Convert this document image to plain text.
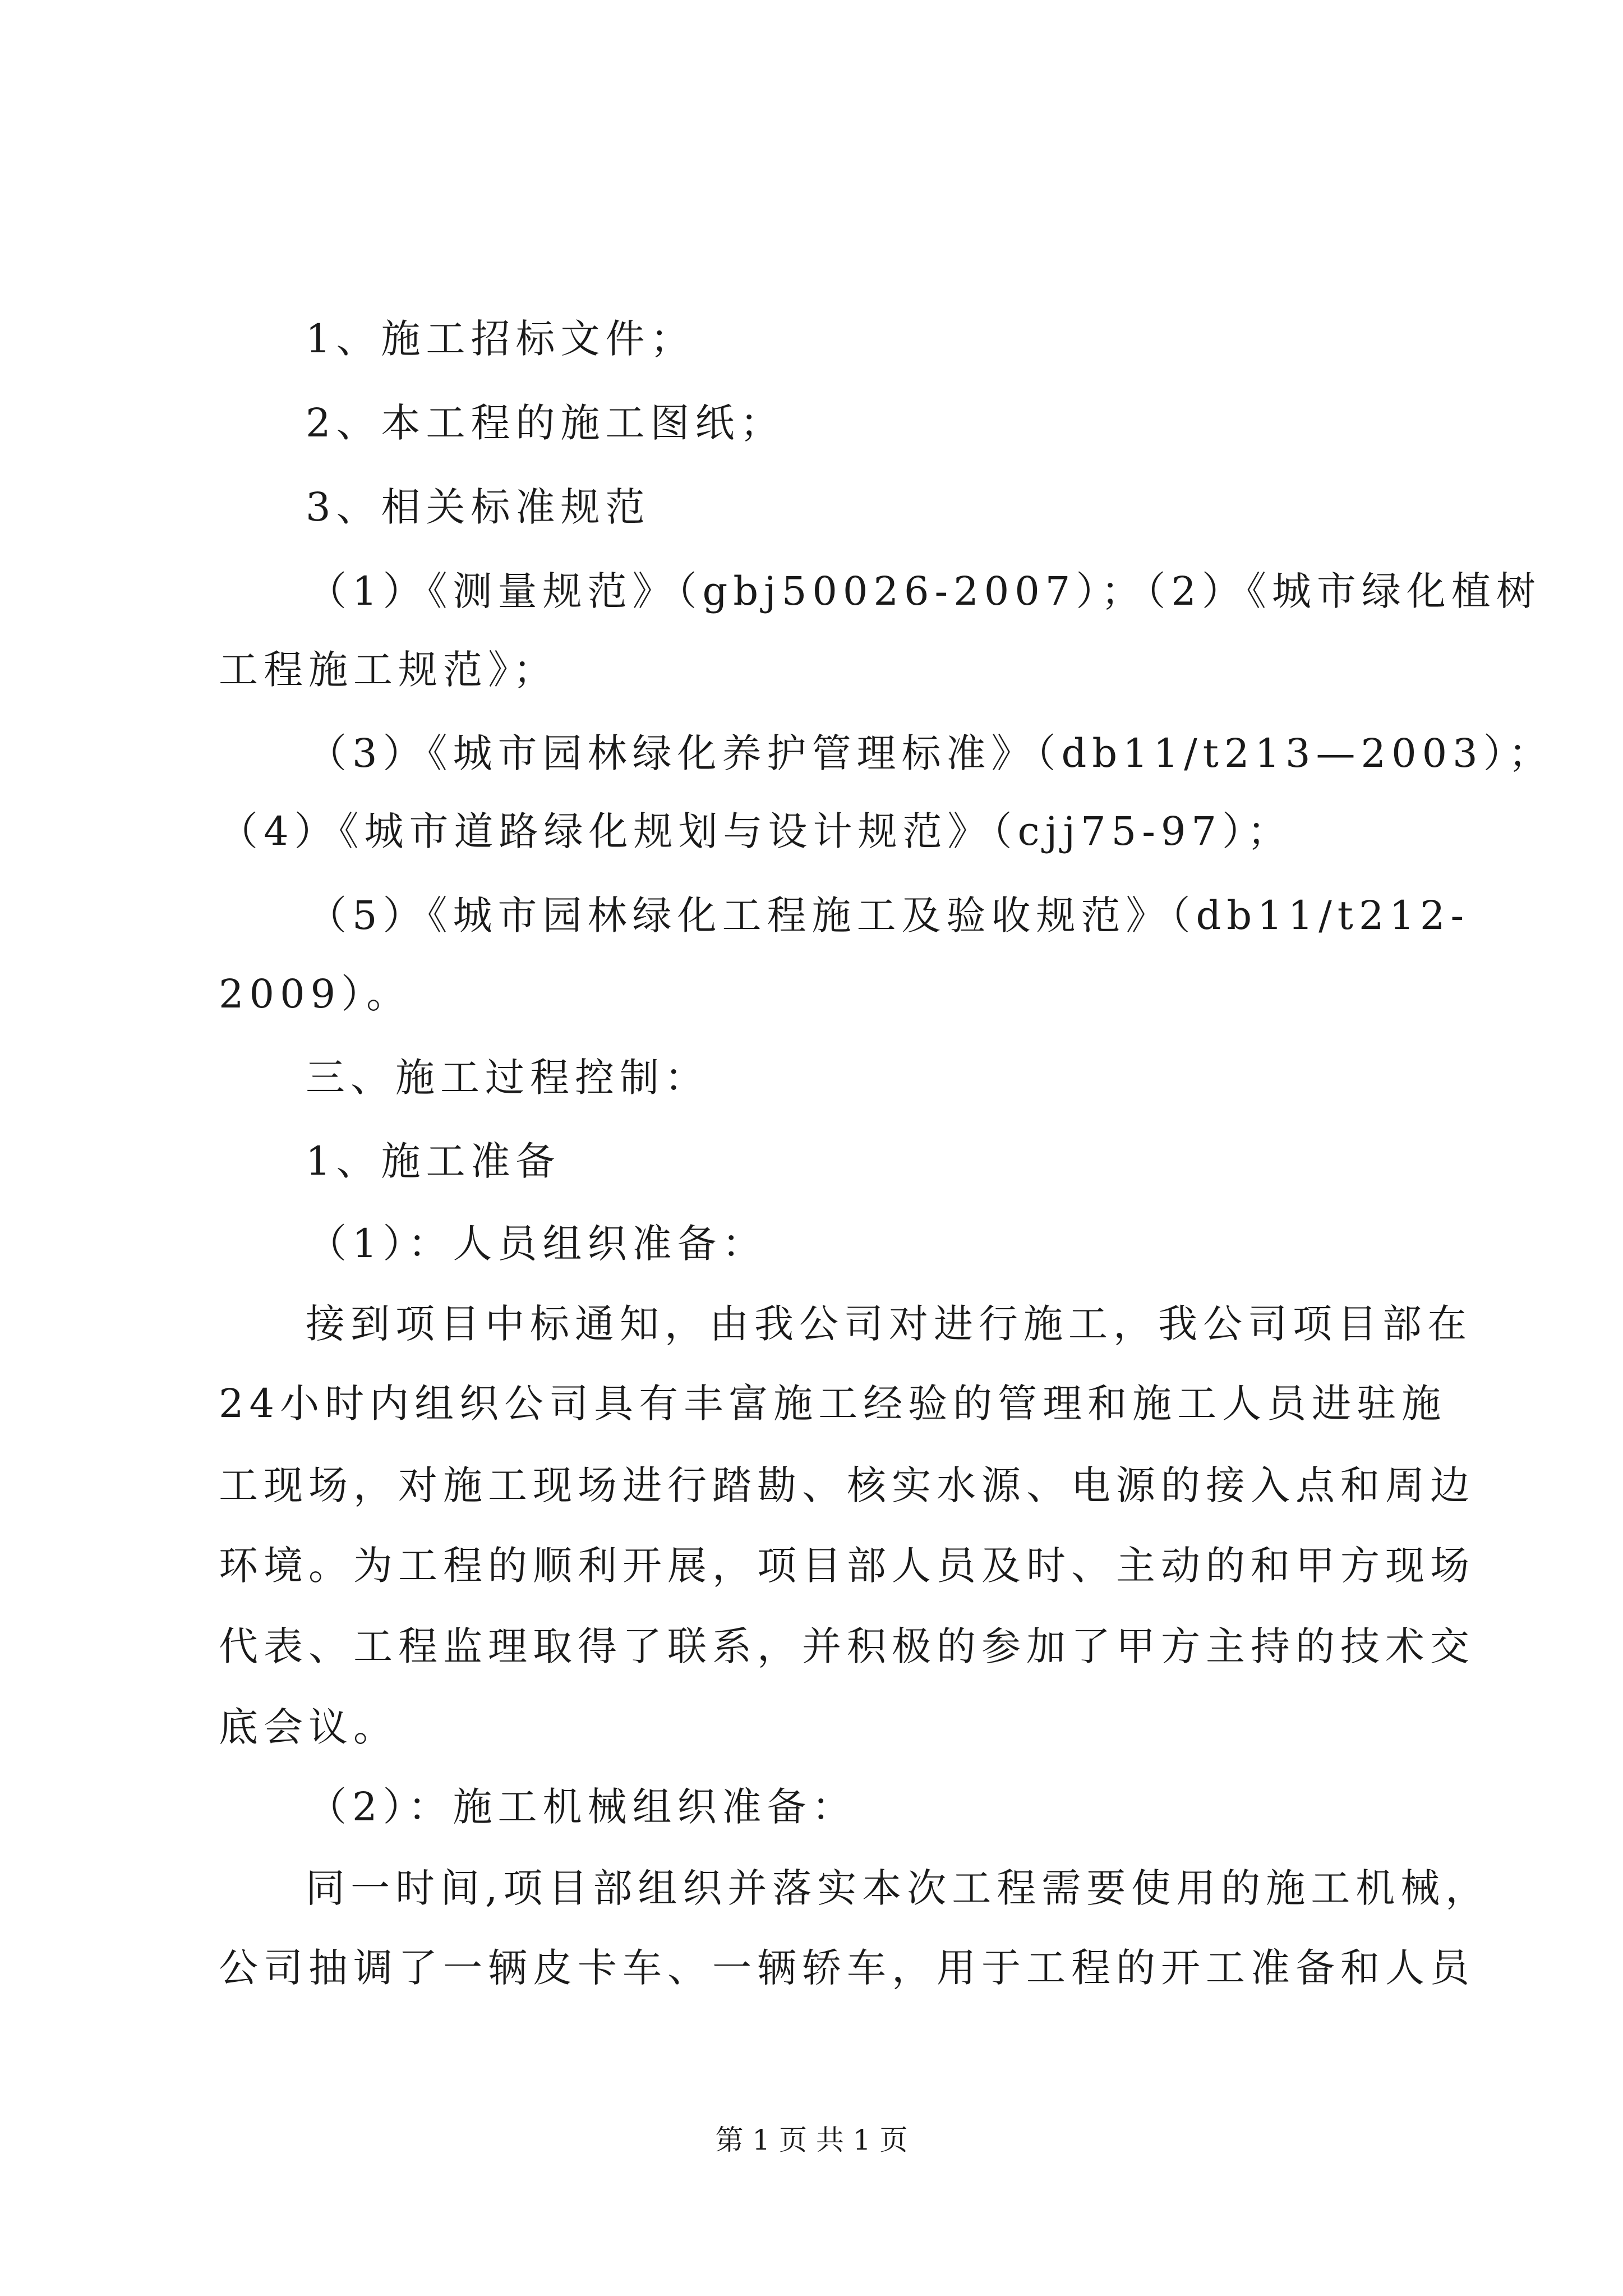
1、施工招标文件；
2、本工程的施工图纸；
3、相关标准规范
（1）《测量规范》（gbj50026-2007）；（2）《城市绿化植树
工程施工规范》；
（3）《城市园林绿化养护管理标准》（db11/t213—2003）；
（4）《城市道路绿化规划与设计规范》（cjj75-97）；
（5）《城市园林绿化工程施工及验收规范》（db11/t212-
2009）。
三、施工过程控制：
1、施工准备
（1）：人员组织准备：
接到项目中标通知，由我公司对进行施工，我公司项目部在
24小时内组织公司具有丰富施工经验的管理和施工人员进驻施
工现场，对施工现场进行踏勘、核实水源、电源的接入点和周边
环境。为工程的顺利开展，项目部人员及时、主动的和甲方现场
代表、工程监理取得了联系，并积极的参加了甲方主持的技术交
底会议。
（2）：施工机械组织准备：
同一时间,项目部组织并落实本次工程需要使用的施工机械，
公司抽调了一辆皮卡车、一辆轿车，用于工程的开工准备和人员
第 1 页 共 1 页
